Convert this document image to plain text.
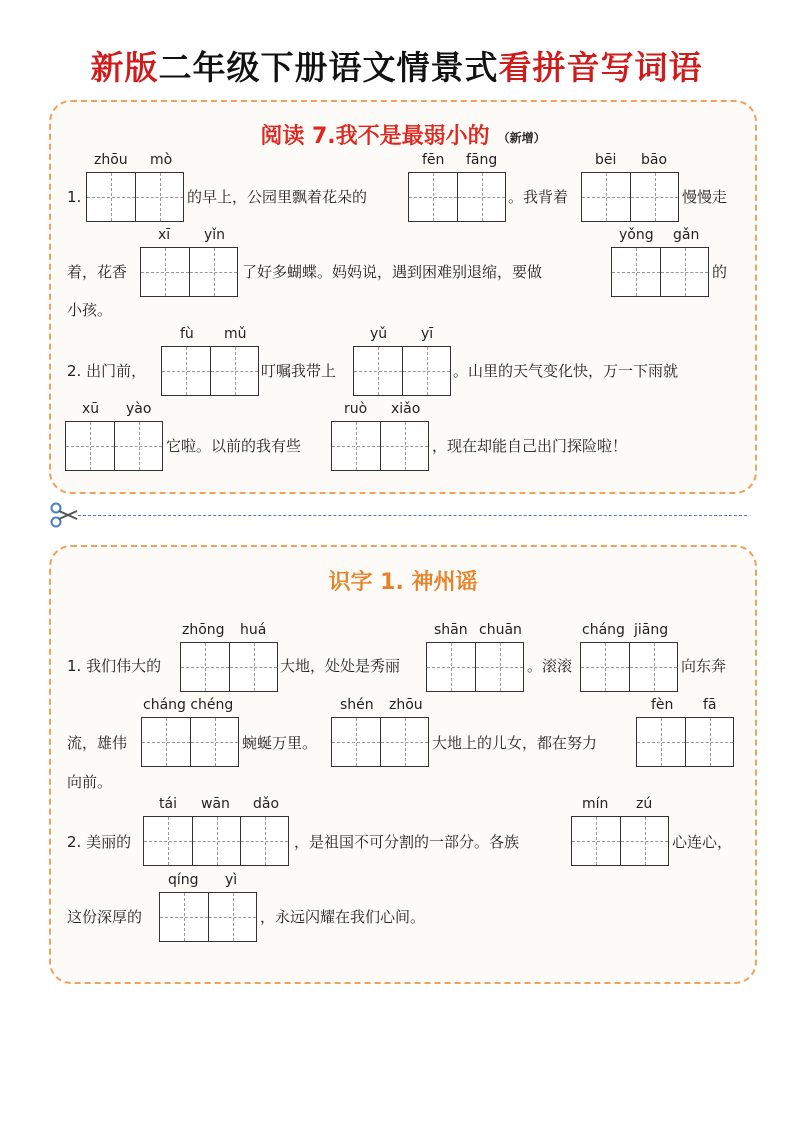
新版二年级下册语文情景式看拼音写词语
阅读 7.我不是最弱小的 （新增）
1.
zhōu mò
的早上，公园里飘着花朵的
fēn fāng
。我背着
bēi bāo
慢慢走
着，花香
xī yǐn
了好多蝴蝶。妈妈说，遇到困难别退缩，要做
yǒng gǎn
的
小孩。
2. 出门前，
fù mǔ
叮嘱我带上
yǔ yī
。山里的天气变化快，万一下雨就
xū yào
它啦。以前的我有些
ruò xiǎo
，现在却能自己出门探险啦！
识字 1. 神州谣
1. 我们伟大的
zhōng huá
大地，处处是秀丽
shān chuān
。滚滚
cháng jiāng
向东奔
流，雄伟
cháng chéng
蜿蜒万里。
shén zhōu
大地上的儿女，都在努力
fèn fā
向前。
2. 美丽的
tái wān dǎo
，是祖国不可分割的一部分。各族
mín zú
心连心，
这份深厚的
qíng yì
，永远闪耀在我们心间。
